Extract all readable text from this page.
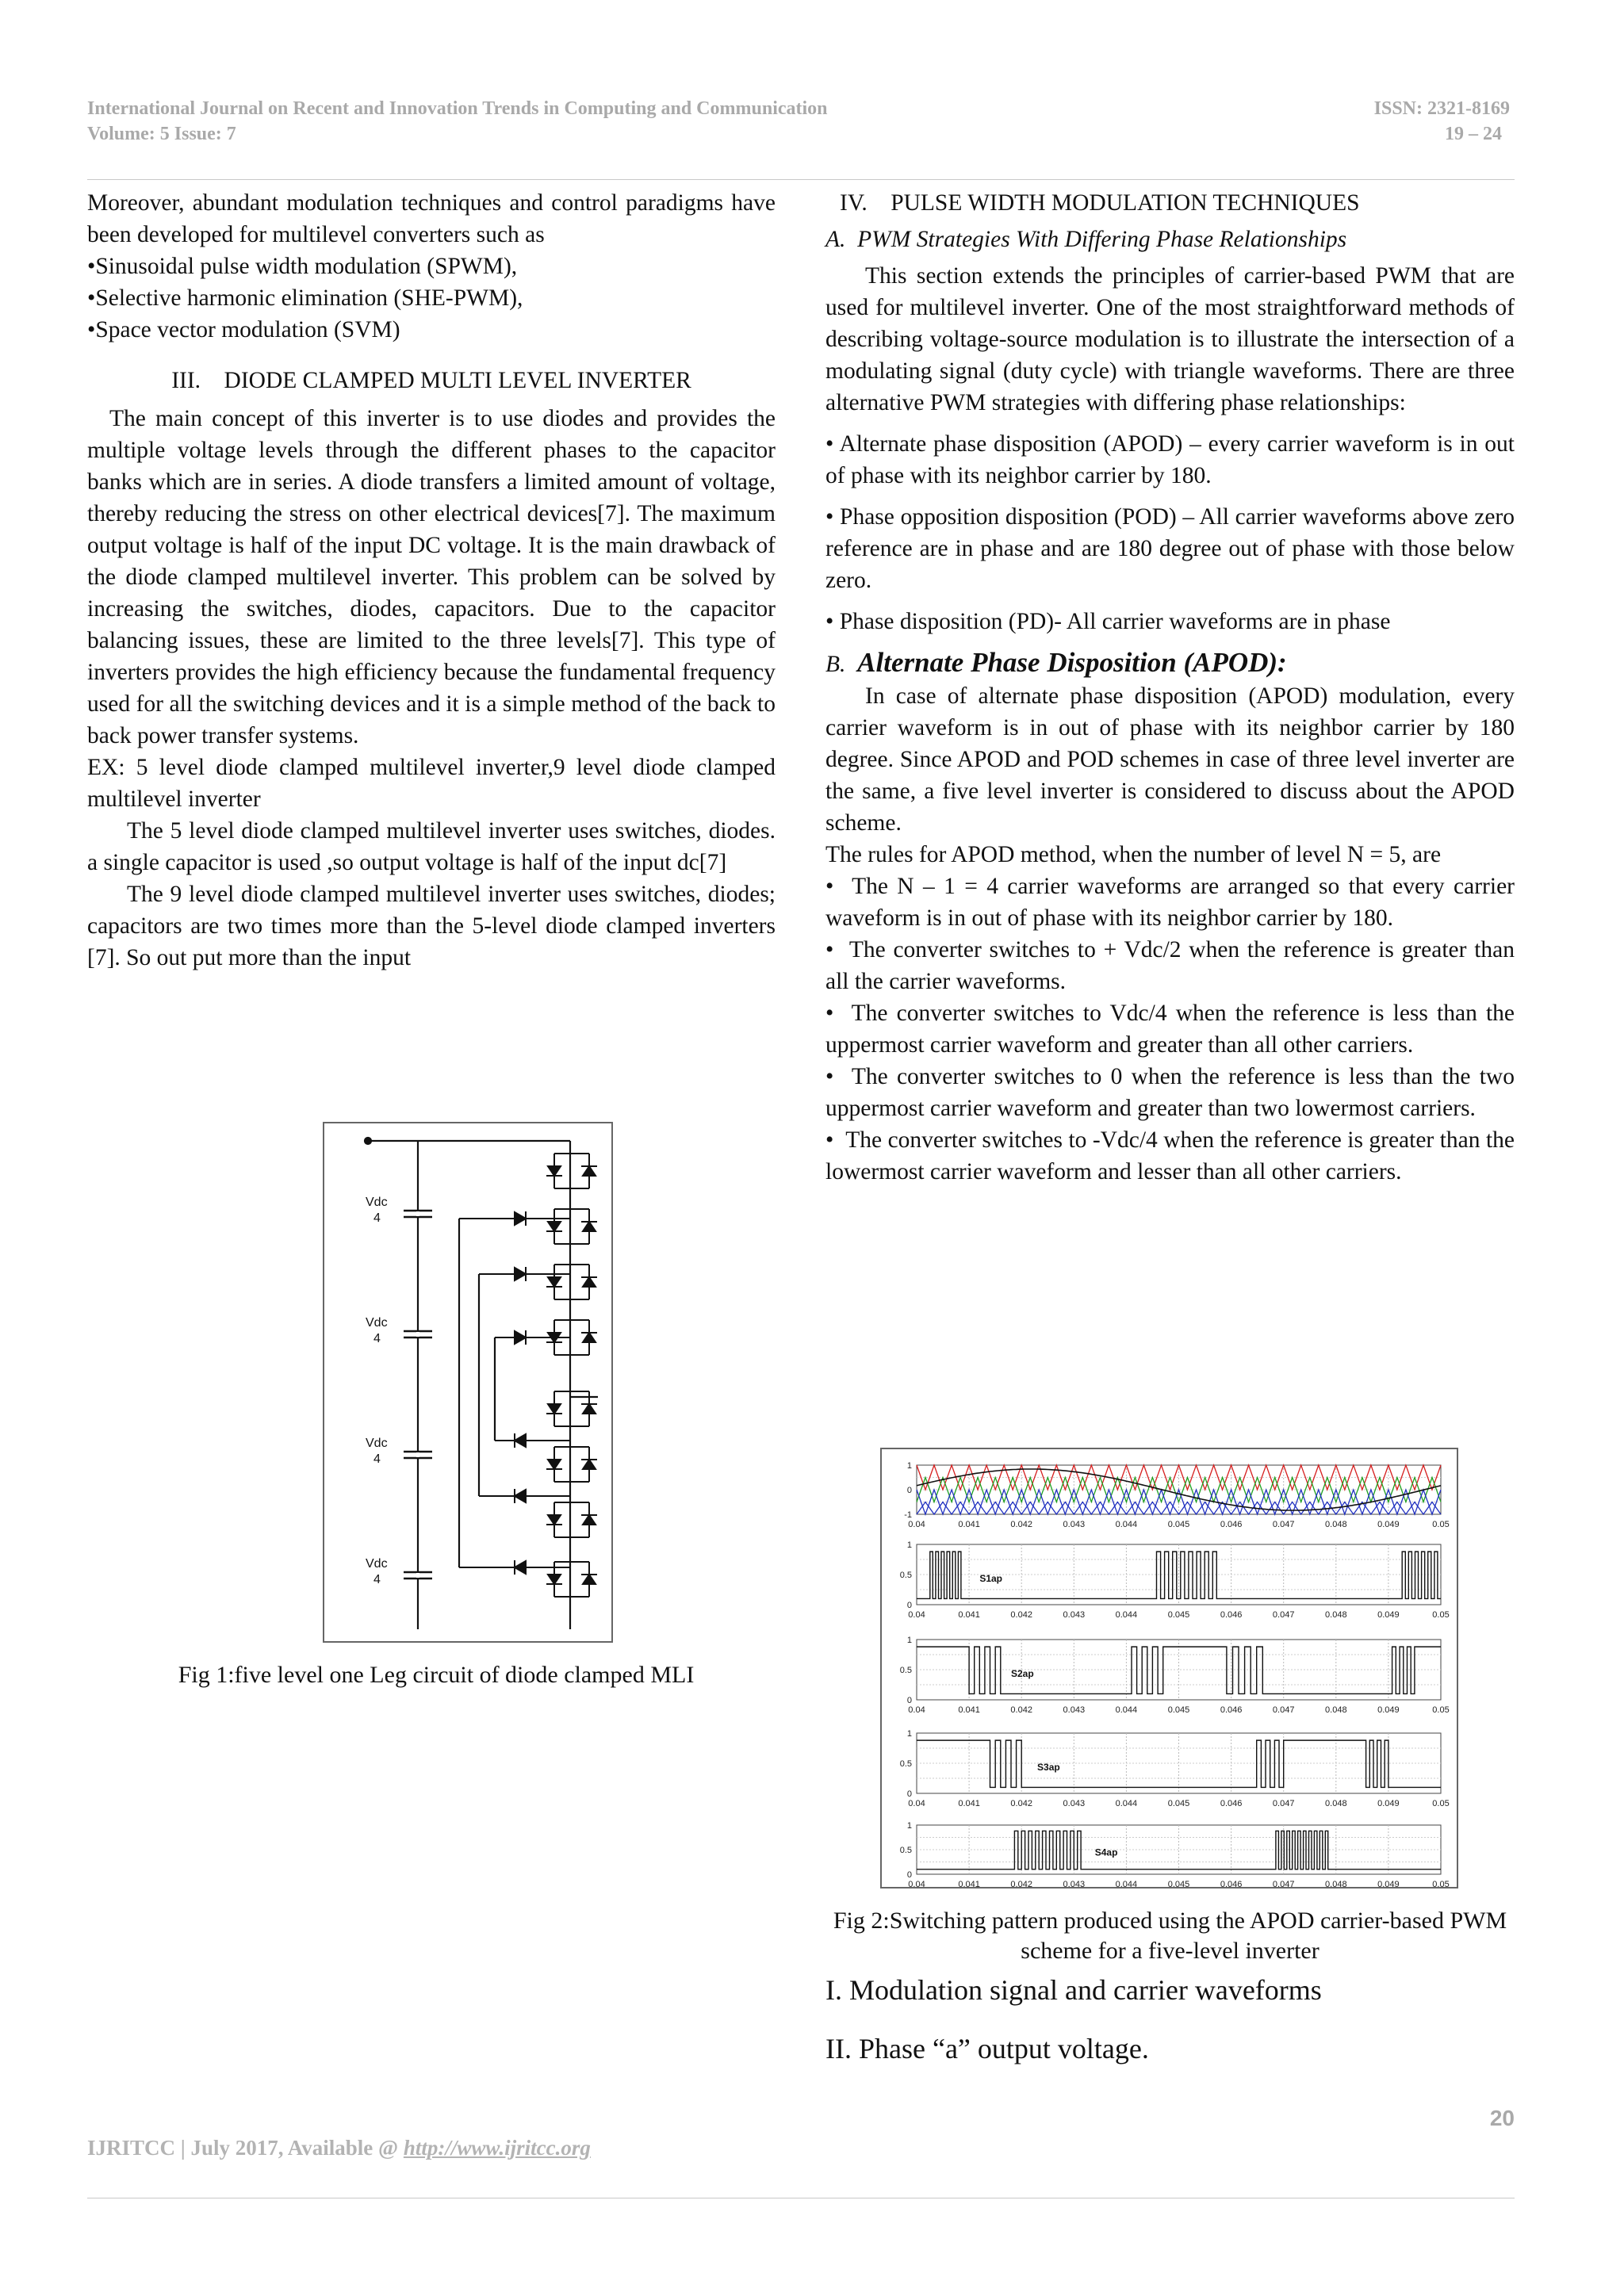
International Journal on Recent and Innovation Trends in Computing and Communication
Volume: 5 Issue: 7
ISSN: 2321-8169
19 – 24

Moreover, abundant modulation techniques and control paradigms have been developed for multilevel converters such as

•Sinusoidal pulse width modulation (SPWM),

•Selective harmonic elimination (SHE-PWM),

•Space vector modulation (SVM)

III.    DIODE CLAMPED MULTI LEVEL INVERTER

The main concept of this inverter is to use diodes and provides the multiple voltage levels through the different phases to the capacitor banks which are in series. A diode transfers a limited amount of voltage, thereby reducing the stress on other electrical devices[7]. The maximum output voltage is half of the input DC voltage. It is the main drawback of the diode clamped multilevel inverter. This problem can be solved by increasing the switches, diodes, capacitors. Due to the capacitor balancing issues, these are limited to the three levels[7]. This type of inverters provides the high efficiency because the fundamental frequency used for all the switching devices and it is a simple method of the back to back power transfer systems.

EX: 5 level diode clamped multilevel inverter,9 level diode clamped multilevel inverter

The 5 level diode clamped multilevel inverter uses switches, diodes. a single capacitor is used ,so output voltage is half of the input dc[7]

The 9 level diode clamped multilevel inverter uses switches, diodes; capacitors are two times more than the 5-level diode clamped inverters [7]. So out put more than the input

Vdc
4
Vdc
4
Vdc
4
Vdc
4
Fig 1:five level one Leg circuit of diode clamped MLI

IV.    PULSE WIDTH MODULATION TECHNIQUES

A. PWM Strategies With Differing Phase Relationships

This section extends the principles of carrier-based PWM that are used for multilevel inverter. One of the most straightforward methods of describing voltage-source modulation is to illustrate the intersection of a modulating signal (duty cycle) with triangle waveforms. There are three alternative PWM strategies with differing phase relationships:

• Alternate phase disposition (APOD) – every carrier waveform is in out of phase with its neighbor carrier by 180.

• Phase opposition disposition (POD) – All carrier waveforms above zero reference are in phase and are 180 degree out of phase with those below zero.

• Phase disposition (PD)- All carrier waveforms are in phase

B. Alternate Phase Disposition (APOD):

In case of alternate phase disposition (APOD) modulation, every carrier waveform is in out of phase with its neighbor carrier by 180 degree. Since APOD and POD schemes in case of three level inverter are the same, a five level inverter is considered to discuss about the APOD scheme.

The rules for APOD method, when the number of level N = 5, are

•  The N – 1 = 4 carrier waveforms are arranged so that every carrier waveform is in out of phase with its neighbor carrier by 180.

•  The converter switches to + Vdc/2 when the reference is greater than all the carrier waveforms.

•  The converter switches to Vdc/4 when the reference is less than the uppermost carrier waveform and greater than all other carriers.

•  The converter switches to 0 when the reference is less than the two uppermost carrier waveform and greater than two lowermost carriers.

•  The converter switches to -Vdc/4 when the reference is greater than the lowermost carrier waveform and lesser than all other carriers.

1
0
-1
0.04	0.041	0.042	0.043	0.044	0.045	0.046	0.047	0.048	0.049	0.05
1
0.5
0
0.04	0.041	0.042	0.043	0.044	0.045	0.046	0.047	0.048	0.049	0.05
S1ap
1
0.5
0
0.04	0.041	0.042	0.043	0.044	0.045	0.046	0.047	0.048	0.049	0.05
S2ap
1
0.5
0
0.04	0.041	0.042	0.043	0.044	0.045	0.046	0.047	0.048	0.049	0.05
S3ap
1
0.5
0
0.04	0.041	0.042	0.043	0.044	0.045	0.046	0.047	0.048	0.049	0.05
S4ap
Fig 2:Switching pattern produced using the APOD carrier-based PWM scheme for a five-level inverter
I. Modulation signal and carrier waveforms
II. Phase “a” output voltage.
20
IJRITCC | July 2017, Available @ http://www.ijritcc.org
